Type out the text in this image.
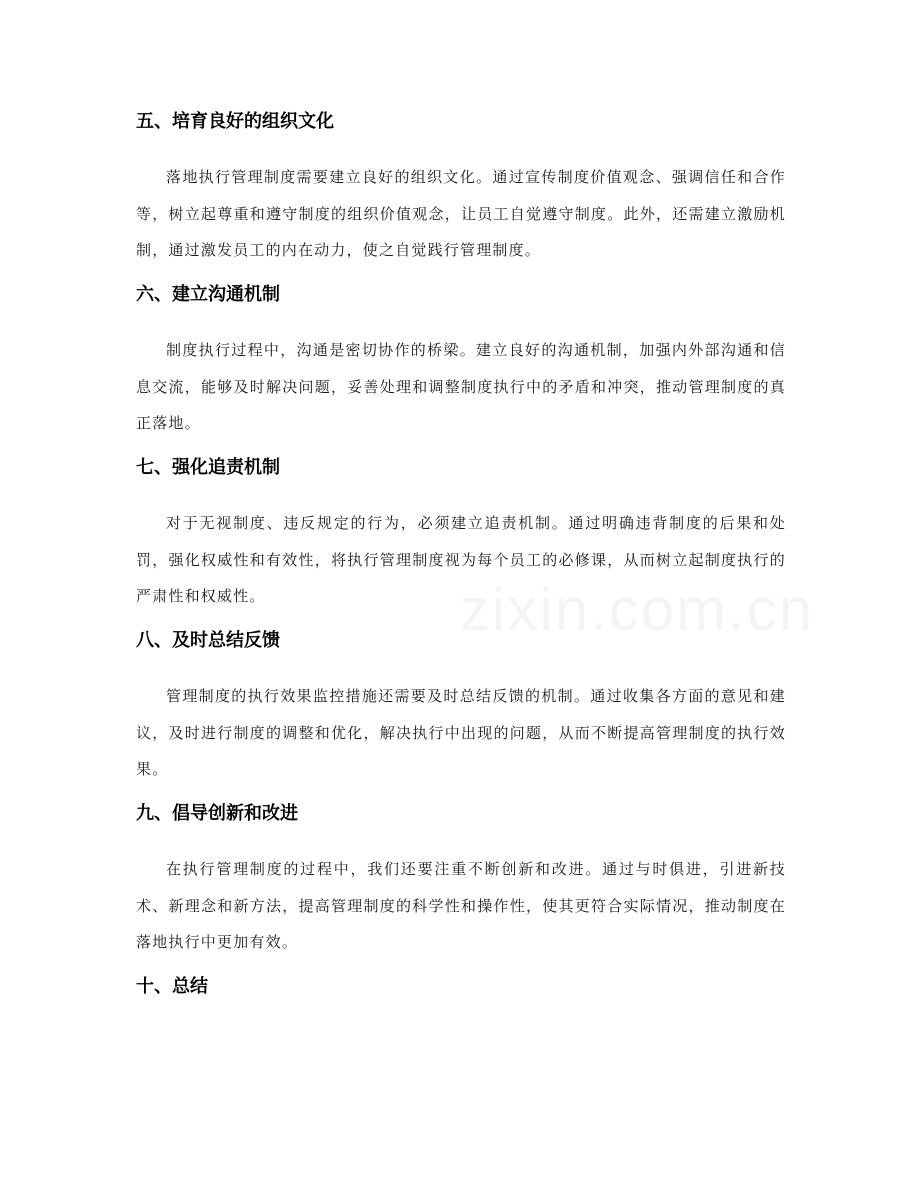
五、培育良好的组织文化

落地执行管理制度需要建立良好的组织文化。通过宣传制度价值观念、强调信任和合作等，树立起尊重和遵守制度的组织价值观念，让员工自觉遵守制度。此外，还需建立激励机制，通过激发员工的内在动力，使之自觉践行管理制度。

六、建立沟通机制

制度执行过程中，沟通是密切协作的桥梁。建立良好的沟通机制，加强内外部沟通和信息交流，能够及时解决问题，妥善处理和调整制度执行中的矛盾和冲突，推动管理制度的真正落地。

七、强化追责机制

对于无视制度、违反规定的行为，必须建立追责机制。通过明确违背制度的后果和处罚，强化权威性和有效性，将执行管理制度视为每个员工的必修课，从而树立起制度执行的严肃性和权威性。

八、及时总结反馈

管理制度的执行效果监控措施还需要及时总结反馈的机制。通过收集各方面的意见和建议，及时进行制度的调整和优化，解决执行中出现的问题，从而不断提高管理制度的执行效果。

九、倡导创新和改进

在执行管理制度的过程中，我们还要注重不断创新和改进。通过与时俱进，引进新技术、新理念和新方法，提高管理制度的科学性和操作性，使其更符合实际情况，推动制度在落地执行中更加有效。

十、总结
